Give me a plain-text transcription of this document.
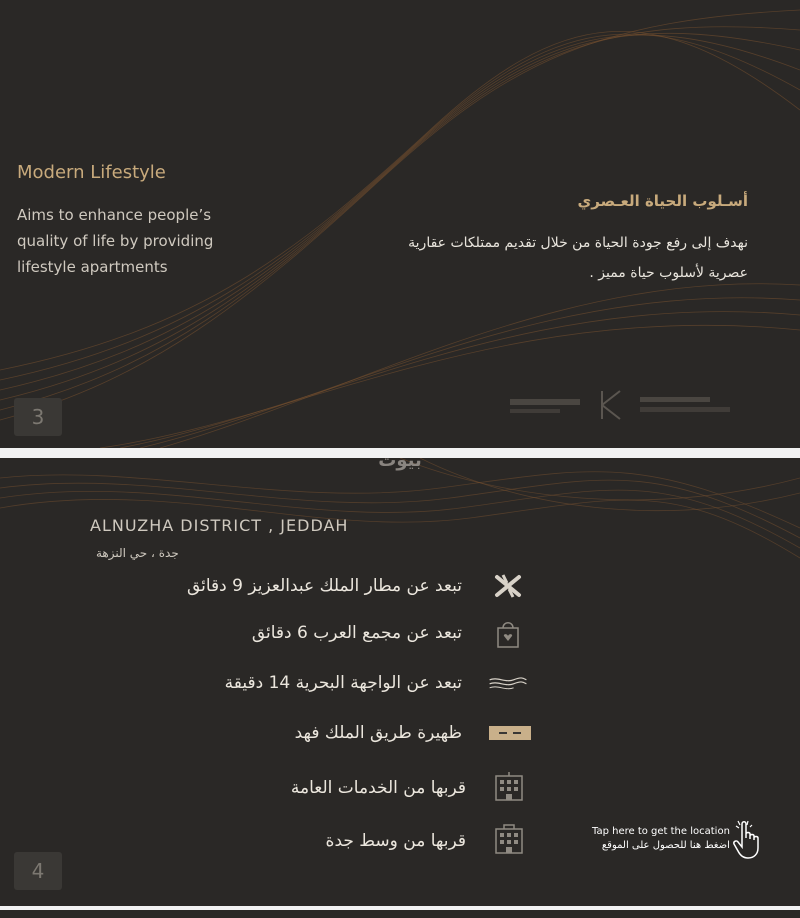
Modern Lifestyle
Aims to enhance people’s quality of life by providing lifestyle apartments
أسـلوب الحياة العـصري
نهدف إلى رفع جودة الحياة من خلال تقديم ممتلكات عقارية عصرية لأسلوب حياة مميز .
3
بيوت
ALNUZHA DISTRICT , JEDDAH
جدة ، حي النزهة
تبعد عن مطار الملك عبدالعزيز 9 دقائق
تبعد عن مجمع العرب 6 دقائق
تبعد عن الواجهة البحرية 14 دقيقة
ظهيرة طريق الملك فهد
قربها من الخدمات العامة
قربها من وسط جدة	Tap here to get the location
اضغط هنا للحصول على الموقع
4
